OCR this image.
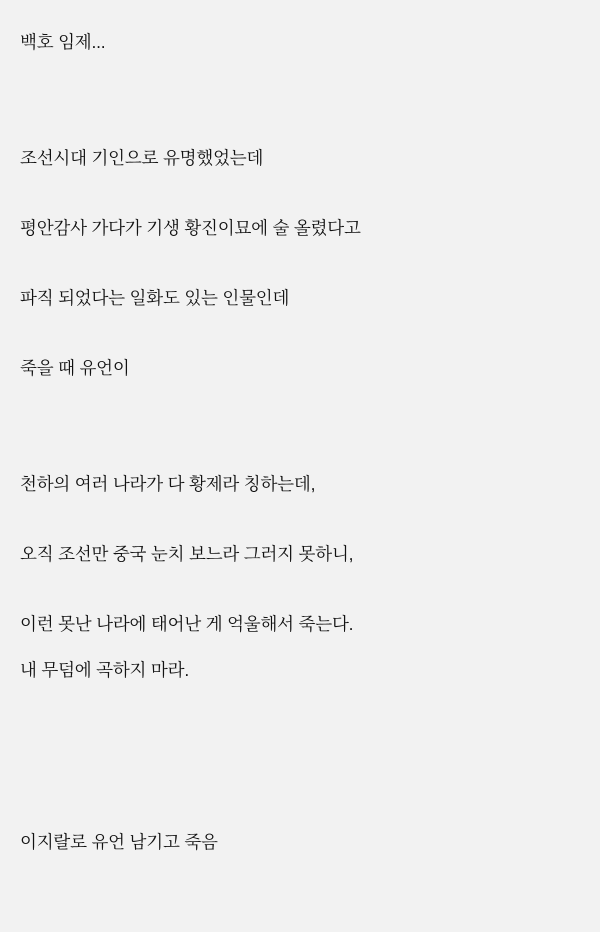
백호 임제...
조선시대 기인으로 유명했었는데
평안감사 가다가 기생 황진이묘에 술 올렸다고
파직 되었다는 일화도 있는 인물인데
죽을 때 유언이
천하의 여러 나라가 다 황제라 칭하는데,
오직 조선만 중국 눈치 보느라 그러지 못하니,
이런 못난 나라에 태어난 게 억울해서 죽는다.
내 무덤에 곡하지 마라.
이지랄로 유언 남기고 죽음
